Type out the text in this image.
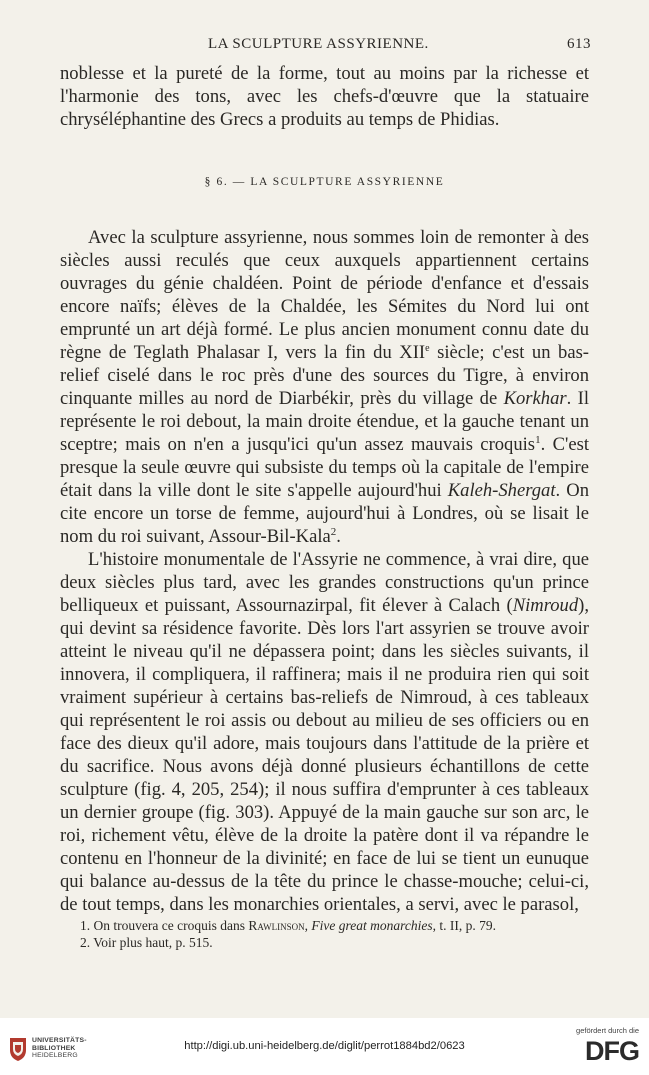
LA SCULPTURE ASSYRIENNE.	613
noblesse et la pureté de la forme, tout au moins par la richesse et l'harmonie des tons, avec les chefs-d'œuvre que la statuaire chryséléphantine des Grecs a produits au temps de Phidias.
§ 6. — LA SCULPTURE ASSYRIENNE
Avec la sculpture assyrienne, nous sommes loin de remonter à des siècles aussi reculés que ceux auxquels appartiennent certains ouvrages du génie chaldéen. Point de période d'enfance et d'essais encore naïfs; élèves de la Chaldée, les Sémites du Nord lui ont emprunté un art déjà formé. Le plus ancien monument connu date du règne de Teglath Phalasar I, vers la fin du XIIe siècle; c'est un bas-relief ciselé dans le roc près d'une des sources du Tigre, à environ cinquante milles au nord de Diarbékir, près du village de Korkhar. Il représente le roi debout, la main droite étendue, et la gauche tenant un sceptre; mais on n'en a jusqu'ici qu'un assez mauvais croquis$^1$. C'est presque la seule œuvre qui subsiste du temps où la capitale de l'empire était dans la ville dont le site s'appelle aujourd'hui Kaleh-Shergat. On cite encore un torse de femme, aujourd'hui à Londres, où se lisait le nom du roi suivant, Assour-Bil-Kala$^2$.
L'histoire monumentale de l'Assyrie ne commence, à vrai dire, que deux siècles plus tard, avec les grandes constructions qu'un prince belliqueux et puissant, Assournazirpal, fit élever à Calach (Nimroud), qui devint sa résidence favorite. Dès lors l'art assyrien se trouve avoir atteint le niveau qu'il ne dépassera point; dans les siècles suivants, il innovera, il compliquera, il raffinera; mais il ne produira rien qui soit vraiment supérieur à certains bas-reliefs de Nimroud, à ces tableaux qui représentent le roi assis ou debout au milieu de ses officiers ou en face des dieux qu'il adore, mais toujours dans l'attitude de la prière et du sacrifice. Nous avons déjà donné plusieurs échantillons de cette sculpture (fig. 4, 205, 254); il nous suffira d'emprunter à ces tableaux un dernier groupe (fig. 303). Appuyé de la main gauche sur son arc, le roi, richement vêtu, élève de la droite la patère dont il va répandre le contenu en l'honneur de la divinité; en face de lui se tient un eunuque qui balance au-dessus de la tête du prince le chasse-mouche; celui-ci, de tout temps, dans les monarchies orientales, a servi, avec le parasol,
1. On trouvera ce croquis dans Rawlinson, Five great monarchies, t. II, p. 79.
2. Voir plus haut, p. 515.
UNIVERSITÄTS-
BIBLIOTHEK
HEIDELBERG
http://digi.ub.uni-heidelberg.de/diglit/perrot1884bd2/0623
gefördert durch die
DFG
